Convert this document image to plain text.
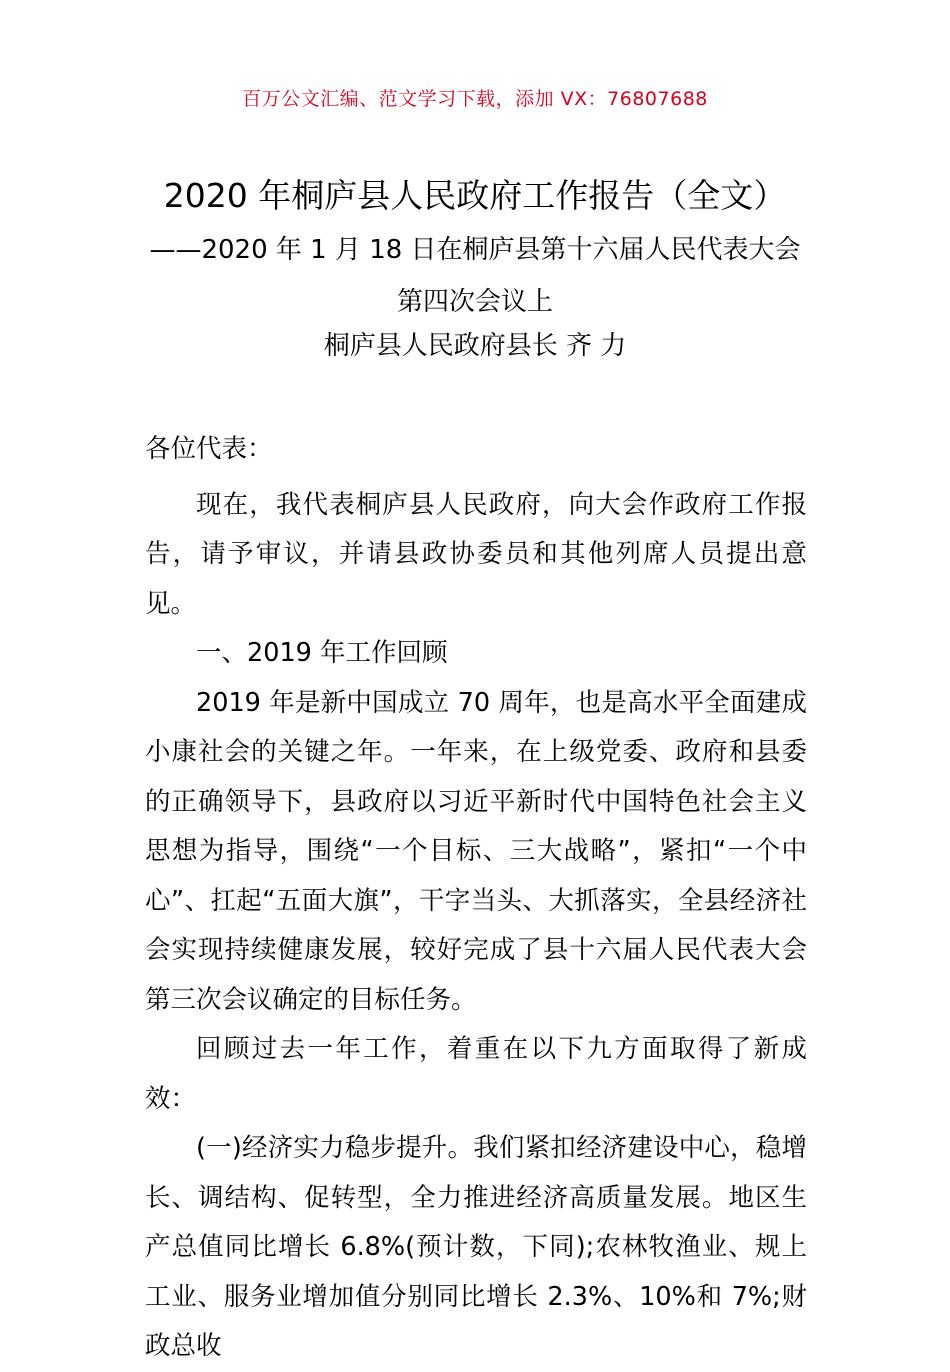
百万公文汇编、范文学习下载，添加 VX：76807688
2020 年桐庐县人民政府工作报告（全文）
——2020 年 1 月 18 日在桐庐县第十六届人民代表大会第四次会议上
桐庐县人民政府县长 齐 力

各位代表：

现在，我代表桐庐县人民政府，向大会作政府工作报告，请予审议，并请县政协委员和其他列席人员提出意见。

一、2019 年工作回顾

2019 年是新中国成立 70 周年，也是高水平全面建成小康社会的关键之年。一年来，在上级党委、政府和县委的正确领导下，县政府以习近平新时代中国特色社会主义思想为指导，围绕“一个目标、三大战略”，紧扣“一个中心”、扛起“五面大旗”，干字当头、大抓落实，全县经济社会实现持续健康发展，较好完成了县十六届人民代表大会第三次会议确定的目标任务。

回顾过去一年工作，着重在以下九方面取得了新成效：

(一)经济实力稳步提升。我们紧扣经济建设中心，稳增长、调结构、促转型，全力推进经济高质量发展。地区生产总值同比增长 6.8%(预计数，下同);农林牧渔业、规上工业、服务业增加值分别同比增长 2.3%、10%和 7%;财政总收
